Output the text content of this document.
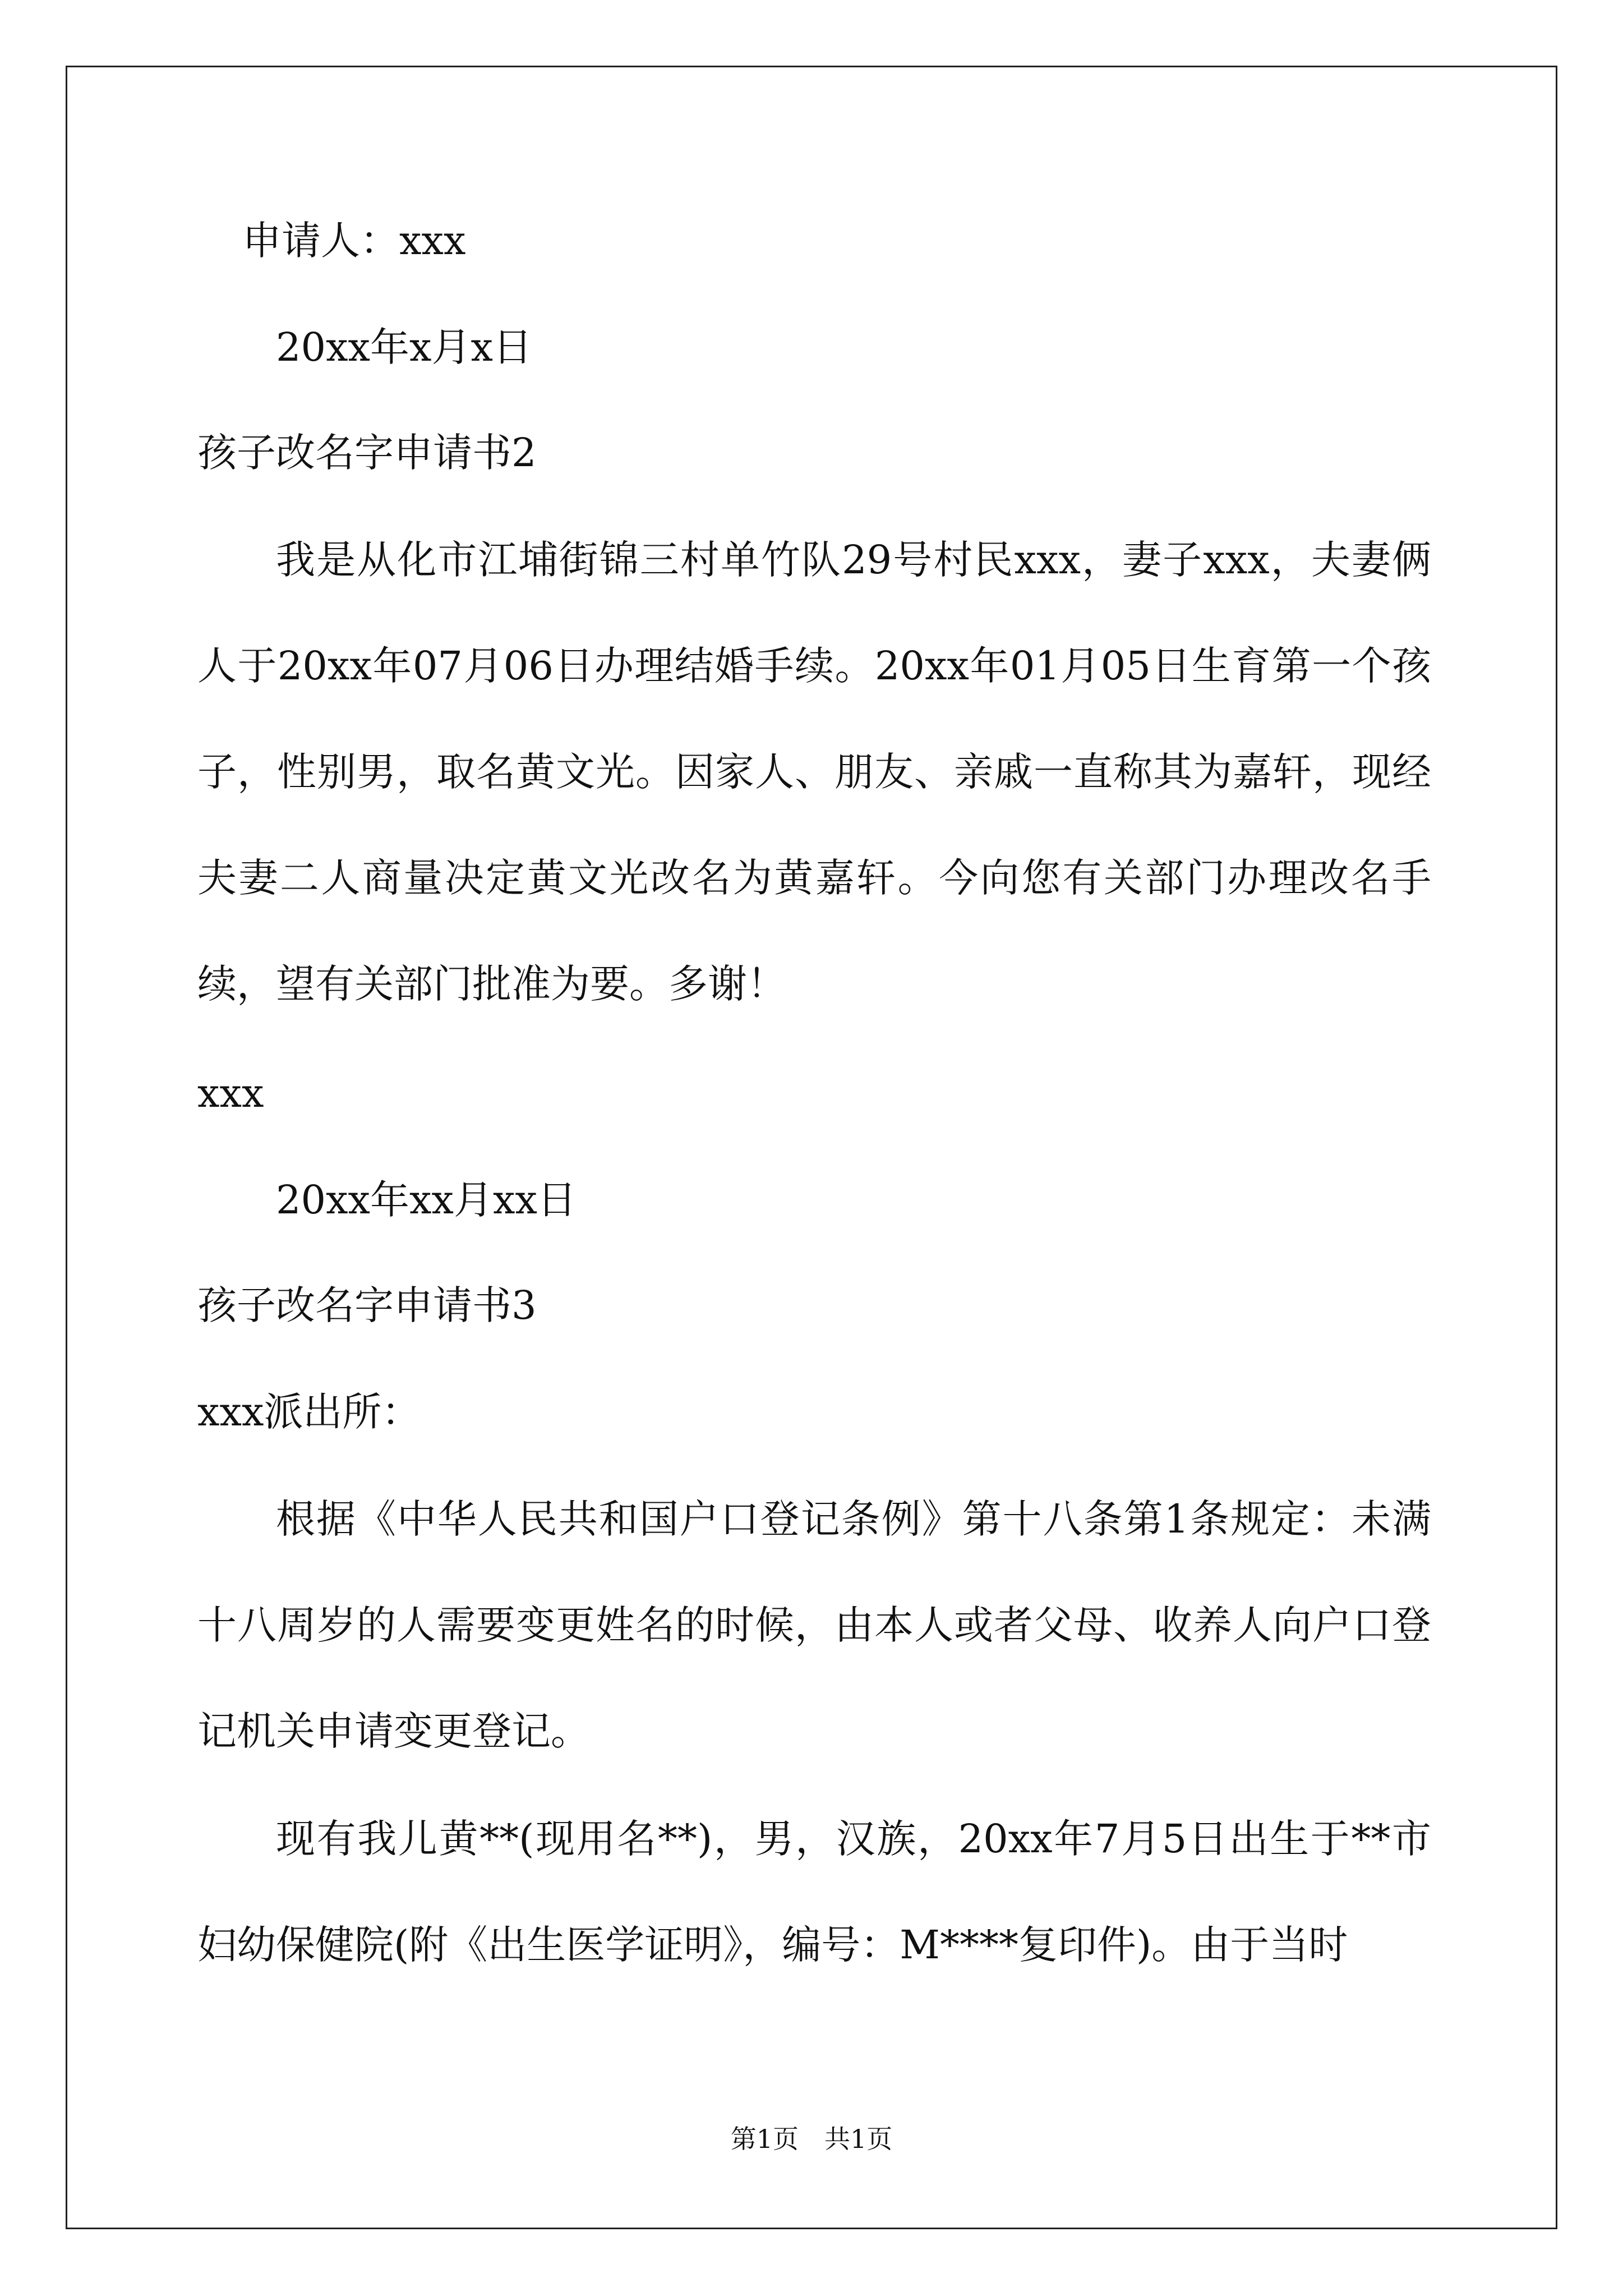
申请人：xxx
20xx年x月x日
孩子改名字申请书2
我是从化市江埔街锦三村单竹队29号村民xxx，妻子xxx，夫妻俩人于20xx年07月06日办理结婚手续。20xx年01月05日生育第一个孩子，性别男，取名黄文光。因家人、朋友、亲戚一直称其为嘉轩，现经夫妻二人商量决定黄文光改名为黄嘉轩。今向您有关部门办理改名手续，望有关部门批准为要。多谢！
xxx
20xx年xx月xx日
孩子改名字申请书3
xxx派出所：
根据《中华人民共和国户口登记条例》第十八条第1条规定：未满十八周岁的人需要变更姓名的时候，由本人或者父母、收养人向户口登记机关申请变更登记。
现有我儿黄**(现用名**)，男，汉族，20xx年7月5日出生于**市妇幼保健院(附《出生医学证明》，编号：M****复印件)。由于当时
第1页　共1页
